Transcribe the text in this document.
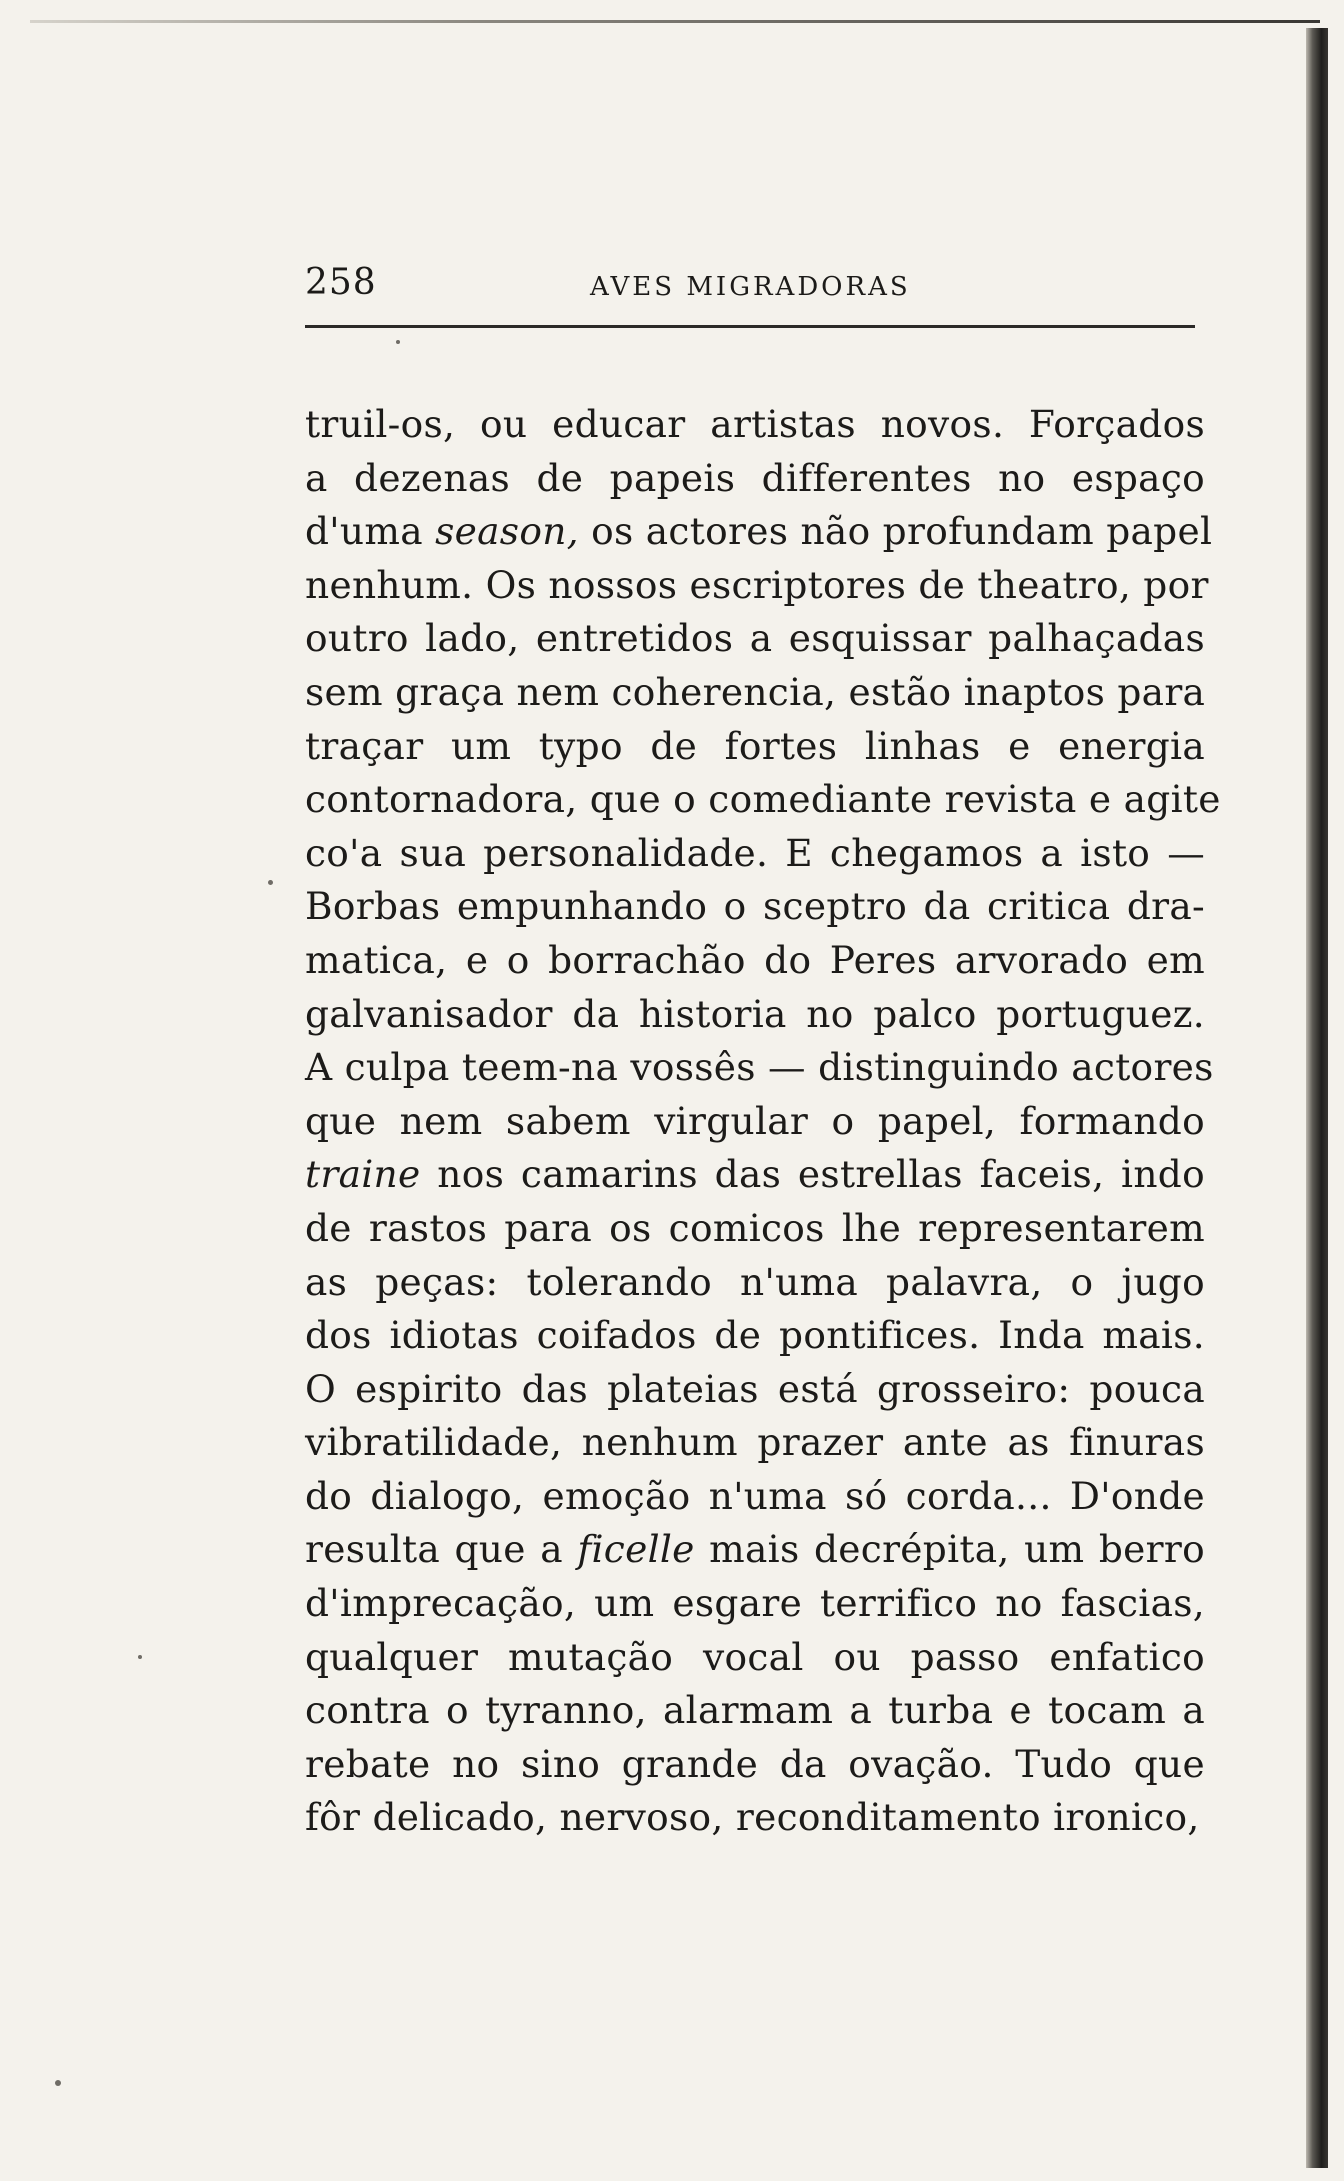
258	AVES MIGRADORAS
truil-os, ou educar artistas novos. Forçados
a dezenas de papeis differentes no espaço
d'uma season, os actores não profundam papel
nenhum. Os nossos escriptores de theatro, por
outro lado, entretidos a esquissar palhaçadas
sem graça nem coherencia, estão inaptos para
traçar um typo de fortes linhas e energia
contornadora, que o comediante revista e agite
co'a sua personalidade. E chegamos a isto —
Borbas empunhando o sceptro da critica dra-
matica, e o borrachão do Peres arvorado em
galvanisador da historia no palco portuguez.
A culpa teem-na vossês — distinguindo actores
que nem sabem virgular o papel, formando
traine nos camarins das estrellas faceis, indo
de rastos para os comicos lhe representarem
as peças: tolerando n'uma palavra, o jugo
dos idiotas coifados de pontifices. Inda mais.
O espirito das plateias está grosseiro: pouca
vibratilidade, nenhum prazer ante as finuras
do dialogo, emoção n'uma só corda... D'onde
resulta que a ficelle mais decrépita, um berro
d'imprecação, um esgare terrifico no fascias,
qualquer mutação vocal ou passo enfatico
contra o tyranno, alarmam a turba e tocam a
rebate no sino grande da ovação. Tudo que
fôr delicado, nervoso, reconditamento ironico,
